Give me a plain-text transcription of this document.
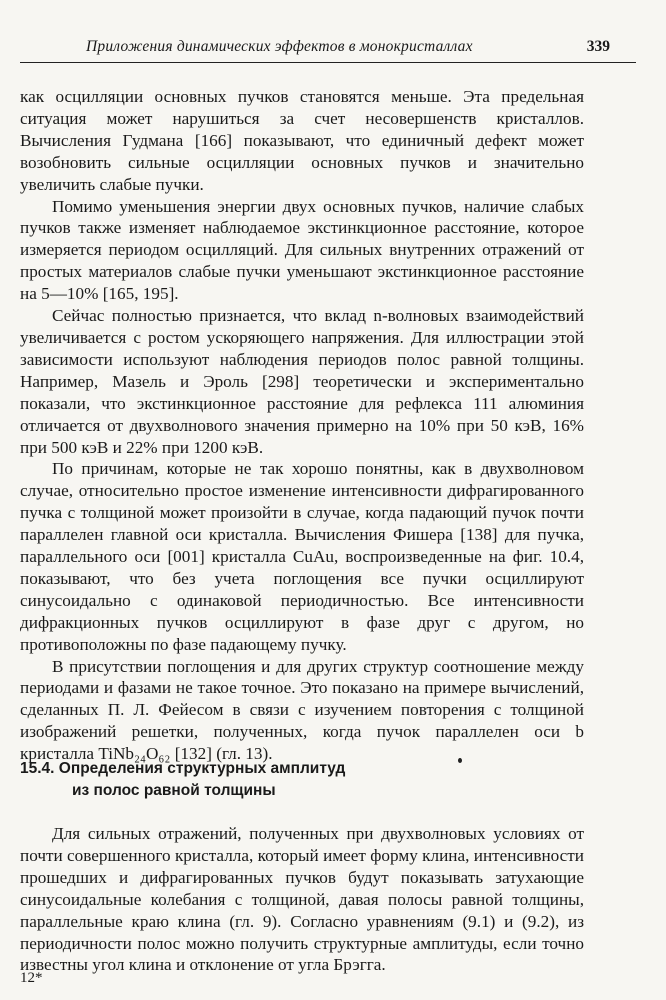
Приложения динамических эффектов в монокристаллах	339

как осцилляции основных пучков становятся меньше. Эта предельная ситуация может нарушиться за счет несовершенств кристаллов. Вычисления Гудмана [166] показывают, что единичный дефект может возобновить сильные осцилляции основных пучков и значительно увеличить слабые пучки.

Помимо уменьшения энергии двух основных пучков, наличие слабых пучков также изменяет наблюдаемое экстинкционное расстояние, которое измеряется периодом осцилляций. Для сильных внутренних отражений от простых материалов слабые пучки уменьшают экстинкционное расстояние на 5—10% [165, 195].

Сейчас полностью признается, что вклад n-волновых взаимодействий увеличивается с ростом ускоряющего напряжения. Для иллюстрации этой зависимости используют наблюдения периодов полос равной толщины. Например, Мазель и Эроль [298] теоретически и экспериментально показали, что экстинкционное расстояние для рефлекса 111 алюминия отличается от двухволнового значения примерно на 10% при 50 кэВ, 16% при 500 кэВ и 22% при 1200 кэВ.

По причинам, которые не так хорошо понятны, как в двухволновом случае, относительно простое изменение интенсивности дифрагированного пучка с толщиной может произойти в случае, когда падающий пучок почти параллелен главной оси кристалла. Вычисления Фишера [138] для пучка, параллельного оси [001] кристалла CuAu, воспроизведенные на фиг. 10.4, показывают, что без учета поглощения все пучки осциллируют синусоидально с одинаковой периодичностью. Все интенсивности дифракционных пучков осциллируют в фазе друг с другом, но противоположны по фазе падающему пучку.

В присутствии поглощения и для других структур соотношение между периодами и фазами не такое точное. Это показано на примере вычислений, сделанных П. Л. Фейесом в связи с изучением повторения с толщиной изображений решетки, полученных, когда пучок параллелен оси b кристалла TiNb₂₄O₆₂ [132] (гл. 13).

15.4. Определения структурных амплитуд
из полос равной толщины

Для сильных отражений, полученных при двухволновых условиях от почти совершенного кристалла, который имеет форму клина, интенсивности прошедших и дифрагированных пучков будут показывать затухающие синусоидальные колебания с толщиной, давая полосы равной толщины, параллельные краю клина (гл. 9). Согласно уравнениям (9.1) и (9.2), из периодичности полос можно получить структурные амплитуды, если точно известны угол клина и отклонение от угла Брэгга.

12*
